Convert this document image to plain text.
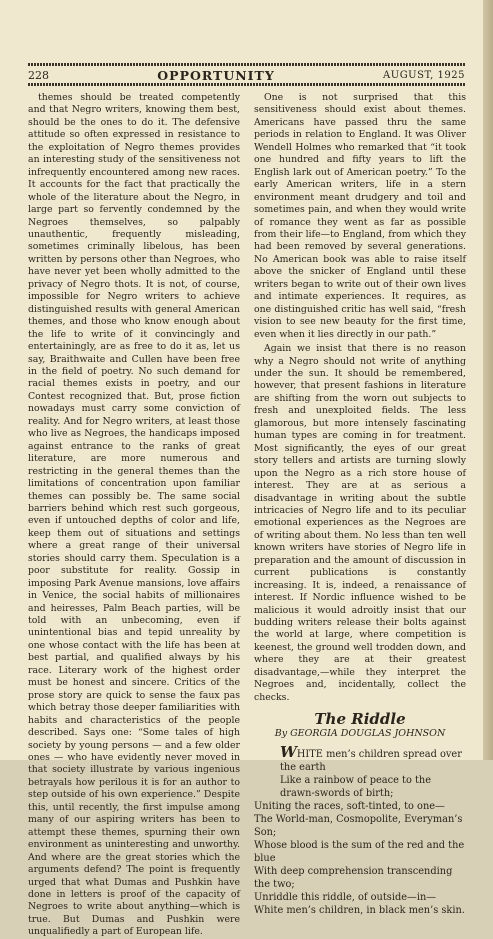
228	OPPORTUNITY	AUGUST, 1925

themes should be treated competently and that Negro writers, knowing them best, should be the ones to do it. The defensive attitude so often expressed in resistance to the exploitation of Negro themes provides an interesting study of the sensitiveness not infrequently encountered among new races. It accounts for the fact that practically the whole of the literature about the Negro, in large part so fervently condemned by the Negroes themselves, so palpably unauthentic, frequently misleading, sometimes criminally libelous, has been written by persons other than Negroes, who have never yet been wholly admitted to the privacy of Negro thots. It is not, of course, impossible for Negro writers to achieve distinguished results with general American themes, and those who know enough about the life to write of it convincingly and entertainingly, are as free to do it as, let us say, Braithwaite and Cullen have been free in the field of poetry. No such demand for racial themes exists in poetry, and our Contest recognized that. But, prose fiction nowadays must carry some conviction of reality. And for Negro writers, at least those who live as Negroes, the handicaps imposed against entrance to the ranks of great literature, are more numerous and restricting in the general themes than the limitations of concentration upon familiar themes can possibly be. The same social barriers behind which rest such gorgeous, even if untouched depths of color and life, keep them out of situations and settings where a great range of their universal stories should carry them. Speculation is a poor substitute for reality. Gossip in imposing Park Avenue mansions, love affairs in Venice, the social habits of millionaires and heiresses, Palm Beach parties, will be told with an unbecoming, even if unintentional bias and tepid unreality by one whose contact with the life has been at best partial, and qualified always by his race. Literary work of the highest order must be honest and sincere. Critics of the prose story are quick to sense the faux pas which betray those deeper familiarities with habits and characteristics of the people described. Says one: “Some tales of high society by young persons — and a few older ones — who have evidently never moved in that society illustrate by various ingenious betrayals how perilous it is for an author to step outside of his own experience.” Despite this, until recently, the first impulse among many of our aspiring writers has been to attempt these themes, spurning their own environment as uninteresting and unworthy. And where are the great stories which the arguments defend? The point is frequently urged that what Dumas and Pushkin have done in letters is proof of the capacity of Negroes to write about anything—which is true. But Dumas and Pushkin were unqualifiedly a part of European life.

One is not surprised that this sensitiveness should exist about themes. Americans have passed thru the same periods in relation to England. It was Oliver Wendell Holmes who remarked that “it took one hundred and fifty years to lift the English lark out of American poetry.” To the early American writers, life in a stern environment meant drudgery and toil and sometimes pain, and when they would write of romance they went as far as possible from their life—to England, from which they had been removed by several generations. No American book was able to raise itself above the snicker of England until these writers began to write out of their own lives and intimate experiences. It requires, as one distinguished critic has well said, “fresh vision to see new beauty for the first time, even when it lies directly in our path.”

Again we insist that there is no reason why a Negro should not write of anything under the sun. It should be remembered, however, that present fashions in literature are shifting from the worn out subjects to fresh and unexploited fields. The less glamorous, but more intensely fascinating human types are coming in for treatment. Most significantly, the eyes of our great story tellers and artists are turning slowly upon the Negro as a rich store house of interest. They are at as serious a disadvantage in writing about the subtle intricacies of Negro life and to its peculiar emotional experiences as the Negroes are of writing about them. No less than ten well known writers have stories of Negro life in preparation and the amount of discussion in current publications is constantly increasing. It is, indeed, a renaissance of interest. If Nordic influence wished to be malicious it would adroitly insist that our budding writers release their bolts against the world at large, where competition is keenest, the ground well trodden down, and where they are at their greatest disadvantage,—while they interpret the Negroes and, incidentally, collect the checks.

The Riddle
By GEORGIA DOUGLAS JOHNSON
WHITE men’s children spread over the earth
Like a rainbow of peace to the drawn-swords of birth;
Uniting the races, soft-tinted, to one—
The World-man, Cosmopolite, Everyman’s Son;
Whose blood is the sum of the red and the blue
With deep comprehension transcending the two;
Unriddle this riddle, of outside—in—
White men’s children, in black men’s skin.
